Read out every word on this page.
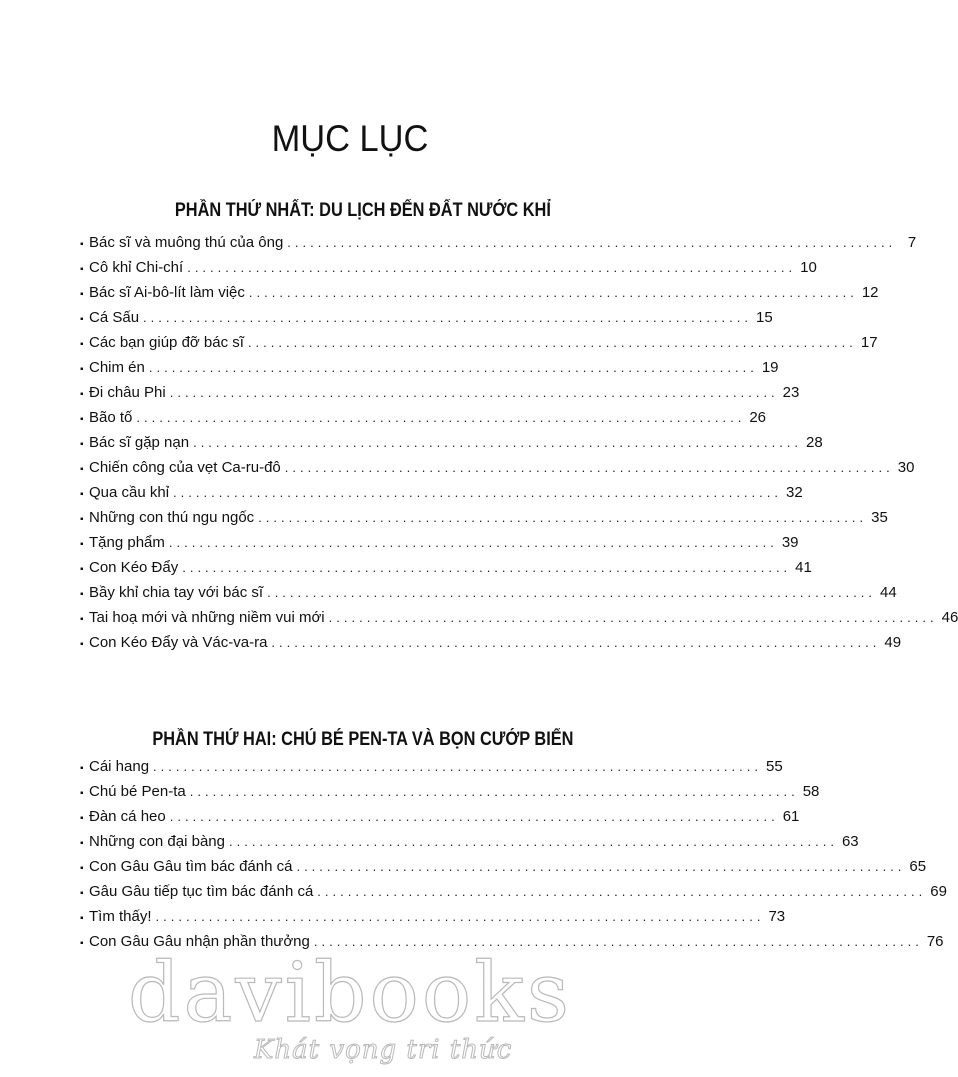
MỤC LỤC
PHẦN THỨ NHẤT: DU LỊCH ĐẾN ĐẤT NƯỚC KHỈ
▪ Bác sĩ và muông thú của ông ................................................................................ 7
▪ Cô khỉ Chi-chí ................................................................................ 10
▪ Bác sĩ Ai-bô-lít làm việc ................................................................................ 12
▪ Cá Sấu ................................................................................ 15
▪ Các bạn giúp đỡ bác sĩ ................................................................................ 17
▪ Chim én ................................................................................ 19
▪ Đi châu Phi ................................................................................ 23
▪ Bão tố ................................................................................ 26
▪ Bác sĩ gặp nạn ................................................................................ 28
▪ Chiến công của vẹt Ca-ru-đô ................................................................................ 30
▪ Qua cầu khỉ ................................................................................ 32
▪ Những con thú ngu ngốc ................................................................................ 35
▪ Tặng phẩm ................................................................................ 39
▪ Con Kéo Đẩy ................................................................................ 41
▪ Bầy khỉ chia tay với bác sĩ ................................................................................ 44
▪ Tai hoạ mới và những niềm vui mới ................................................................................ 46
▪ Con Kéo Đẩy và Vác-va-ra ................................................................................ 49
PHẦN THỨ HAI: CHÚ BÉ PEN-TA VÀ BỌN CƯỚP BIỂN
▪ Cái hang ................................................................................ 55
▪ Chú bé Pen-ta ................................................................................ 58
▪ Đàn cá heo ................................................................................ 61
▪ Những con đại bàng ................................................................................ 63
▪ Con Gâu Gâu tìm bác đánh cá ................................................................................ 65
▪ Gâu Gâu tiếp tục tìm bác đánh cá ................................................................................ 69
▪ Tìm thấy! ................................................................................ 73
▪ Con Gâu Gâu nhận phần thưởng ................................................................................ 76
davibooks
Khát vọng tri thức
